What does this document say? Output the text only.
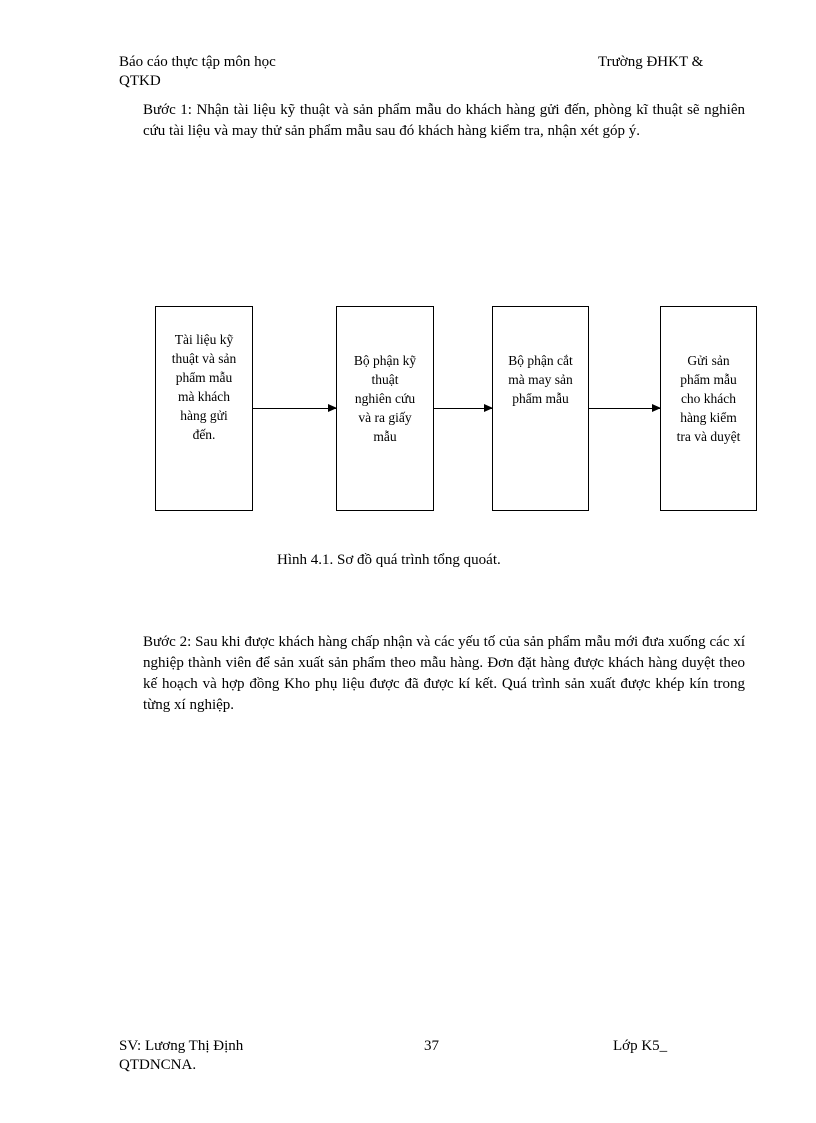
Báo cáo thực tập môn học
QTKD
Trường ĐHKT &
Bước 1: Nhận tài liệu kỹ thuật và sản phẩm mẫu do khách hàng gửi đến, phòng kĩ thuật sẽ nghiên cứu tài liệu và may thử sản phẩm mẫu sau đó khách hàng kiểm tra, nhận xét góp ý.
Tài liệu kỹ
thuật và sản
phẩm mẫu
mà khách
hàng gửi
đến.
Bộ phận kỹ
thuật
nghiên cứu
và ra giấy
mẫu
Bộ phận cắt
mà may sản
phẩm mẫu
Gửi sản
phẩm mẫu
cho khách
hàng kiểm
tra và duyệt
Hình 4.1. Sơ đồ quá trình tổng quoát.
Bước 2: Sau khi được khách hàng chấp nhận và các yếu tố của sản phẩm mẫu mới đưa xuống các xí nghiệp thành viên để sản xuất sản phẩm theo mẫu hàng. Đơn đặt hàng được khách hàng duyệt theo kế hoạch và hợp đồng Kho phụ liệu được đã được kí kết. Quá trình sản xuất được khép kín trong từng xí nghiệp.
SV: Lương Thị Định
QTDNCNA.
37	Lớp K5_
